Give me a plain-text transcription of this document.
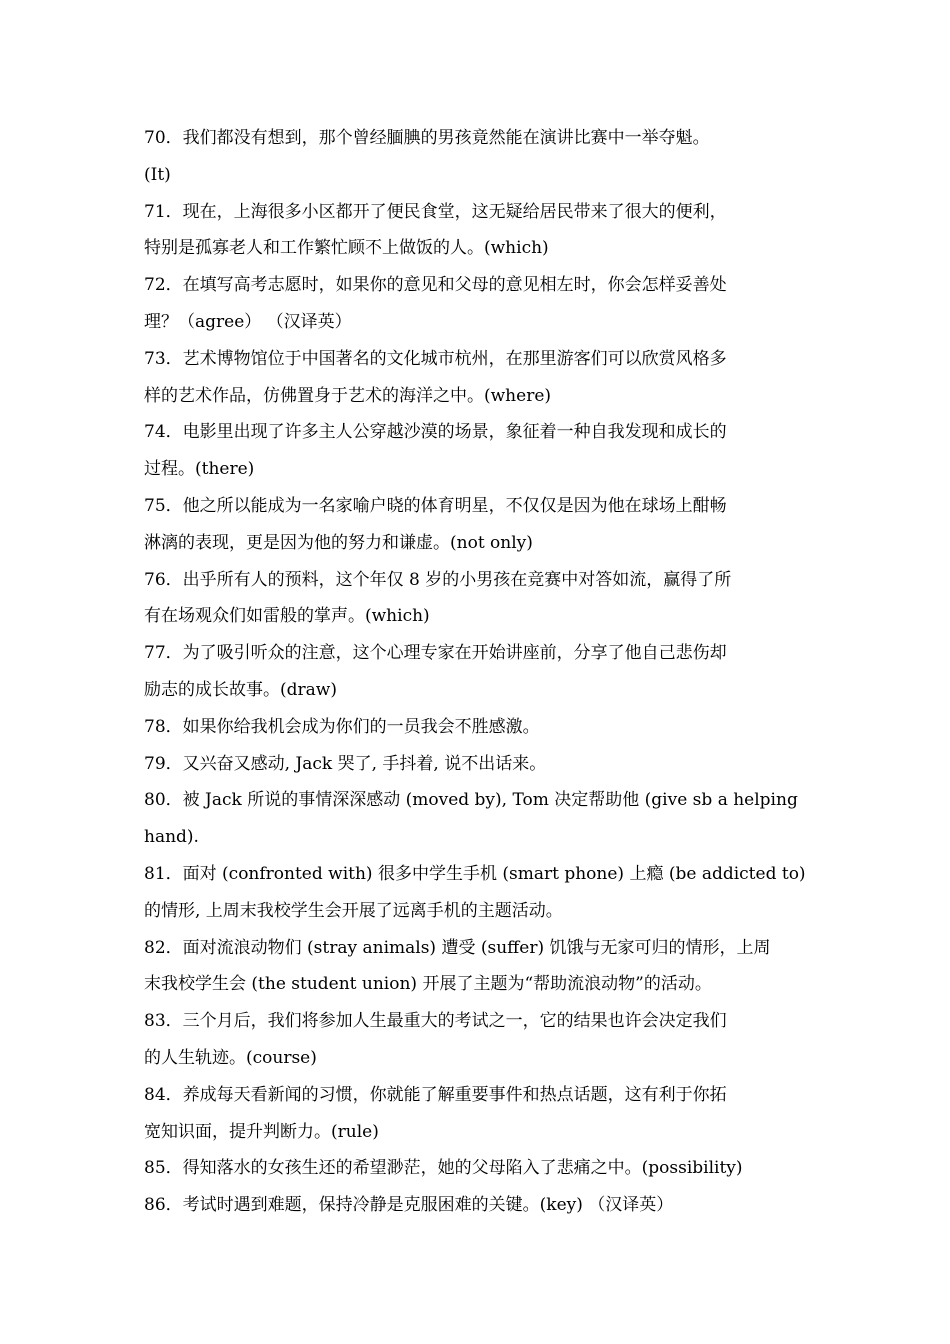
70．我们都没有想到，那个曾经腼腆的男孩竟然能在演讲比赛中一举夺魁。
(It)
71．现在，上海很多小区都开了便民食堂，这无疑给居民带来了很大的便利，
特别是孤寡老人和工作繁忙顾不上做饭的人。(which)
72．在填写高考志愿时，如果你的意见和父母的意见相左时，你会怎样妥善处
理？（agree） （汉译英）
73．艺术博物馆位于中国著名的文化城市杭州，在那里游客们可以欣赏风格多
样的艺术作品，仿佛置身于艺术的海洋之中。(where)
74．电影里出现了许多主人公穿越沙漠的场景，象征着一种自我发现和成长的
过程。(there)
75．他之所以能成为一名家喻户晓的体育明星，不仅仅是因为他在球场上酣畅
淋漓的表现，更是因为他的努力和谦虚。(not only)
76．出乎所有人的预料，这个年仅 8 岁的小男孩在竞赛中对答如流，赢得了所
有在场观众们如雷般的掌声。(which)
77．为了吸引听众的注意，这个心理专家在开始讲座前，分享了他自己悲伤却
励志的成长故事。(draw)
78．如果你给我机会成为你们的一员我会不胜感激。
79．又兴奋又感动, Jack 哭了, 手抖着, 说不出话来。
80．被 Jack 所说的事情深深感动 (moved by), Tom 决定帮助他 (give sb a helping
hand).
81．面对 (confronted with) 很多中学生手机 (smart phone) 上瘾 (be addicted to)
的情形, 上周末我校学生会开展了远离手机的主题活动。
82．面对流浪动物们 (stray animals) 遭受 (suffer) 饥饿与无家可归的情形，上周
末我校学生会 (the student union) 开展了主题为“帮助流浪动物”的活动。
83．三个月后，我们将参加人生最重大的考试之一，它的结果也许会决定我们
的人生轨迹。(course)
84．养成每天看新闻的习惯，你就能了解重要事件和热点话题，这有利于你拓
宽知识面，提升判断力。(rule)
85．得知落水的女孩生还的希望渺茫，她的父母陷入了悲痛之中。(possibility)
86．考试时遇到难题，保持冷静是克服困难的关键。(key) （汉译英）
